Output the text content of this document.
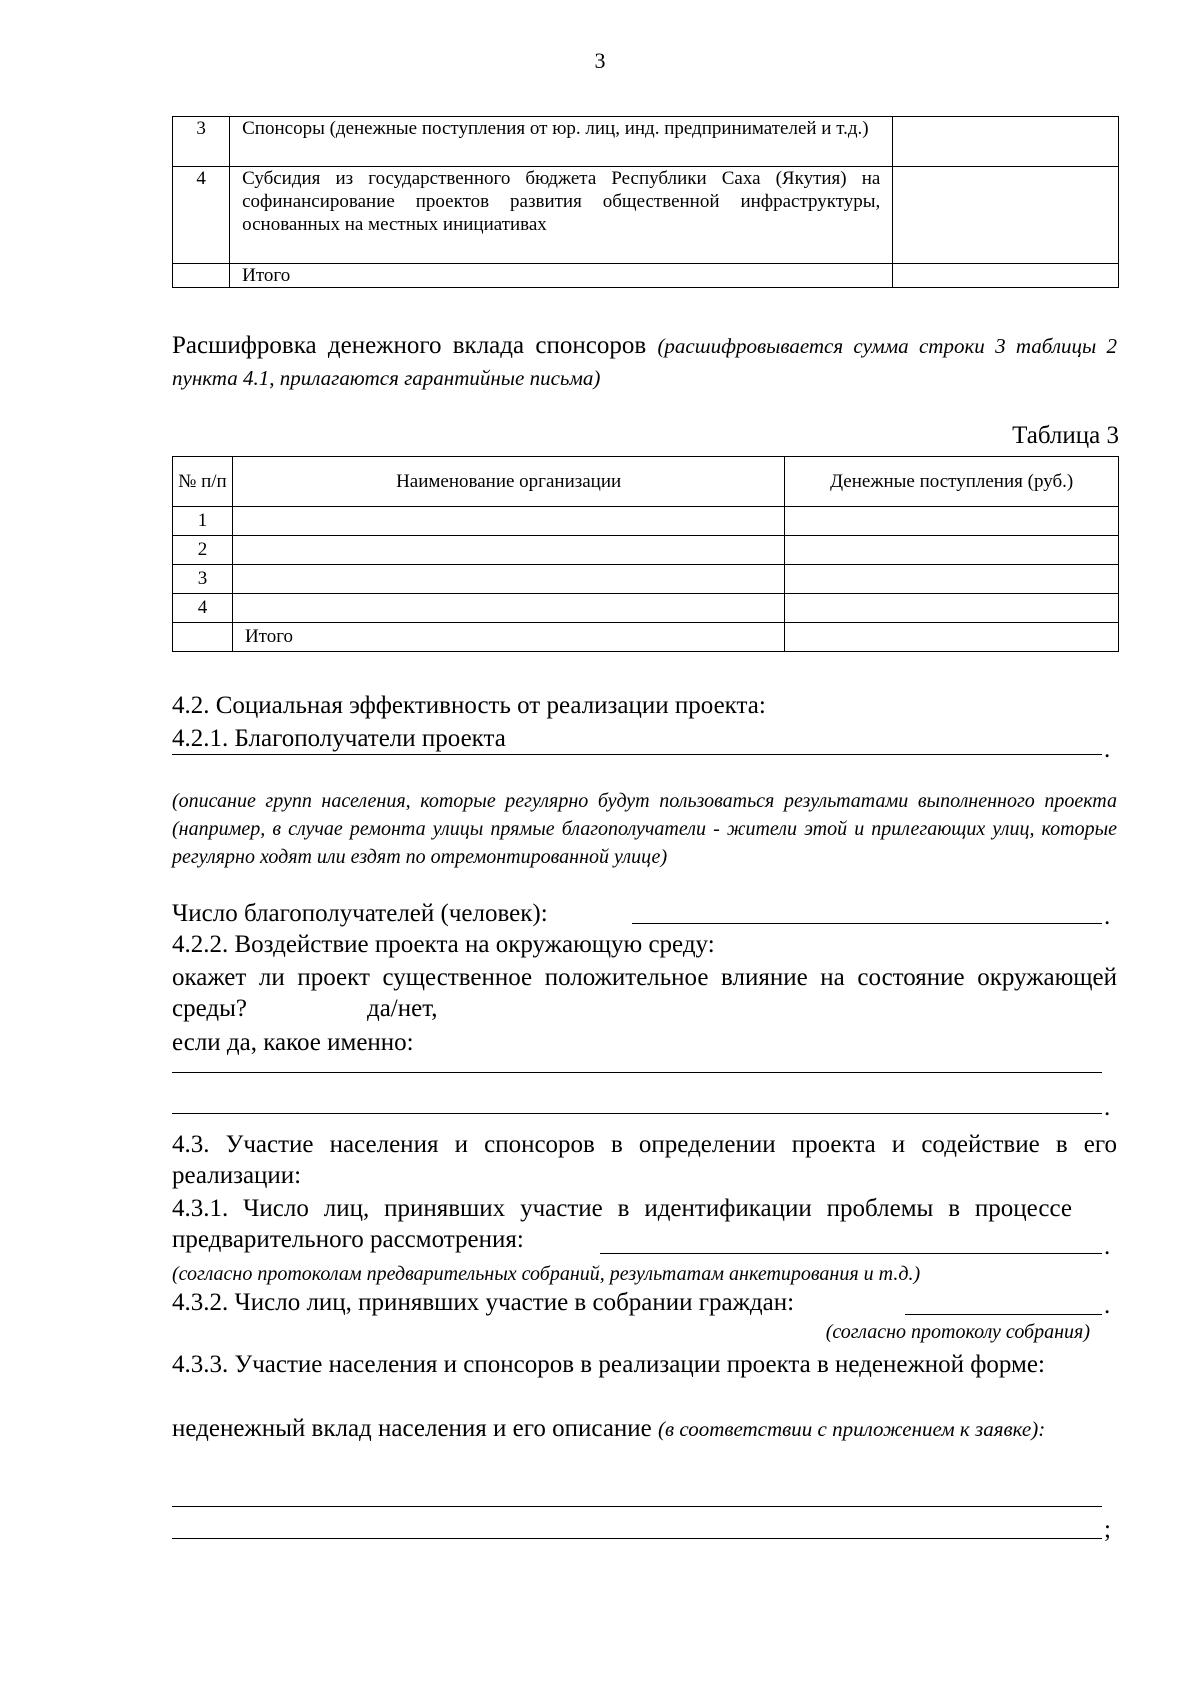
3
3	Спонсоры (денежные поступления от юр. лиц, инд. предпринимателей и т.д.)	
4	Субсидия из государственного бюджета Республики Саха (Якутия) на софинансирование проектов развития общественной инфраструктуры, основанных на местных инициативах	
	Итого	
Расшифровка денежного вклада спонсоров (расшифровывается сумма строки 3 таблицы 2 пункта 4.1, прилагаются гарантийные письма)
Таблица 3
№ п/п	Наименование организации	Денежные поступления (руб.)
1		
2		
3		
4		
	Итого	
4.2. Социальная эффективность от реализации проекта:
4.2.1. Благополучатели проекта	.
(описание групп населения, которые регулярно будут пользоваться результатами выполненного проекта (например, в случае ремонта улицы прямые благополучатели - жители этой и прилегающих улиц, которые регулярно ходят или ездят по отремонтированной улице)
Число благополучателей (человек):	.
4.2.2. Воздействие проекта на окружающую среду:
окажет ли проект существенное положительное влияние на состояние окружающей среды?	да/нет,
если да, какое именно:
.
4.3. Участие населения и спонсоров в определении проекта и содействие в его реализации:
4.3.1. Число лиц, принявших участие в идентификации проблемы в процессе предварительного рассмотрения:	.
(согласно протоколам предварительных собраний, результатам анкетирования и т.д.)
4.3.2. Число лиц, принявших участие в собрании граждан:	.
(согласно протоколу собрания)
4.3.3. Участие населения и спонсоров в реализации проекта в неденежной форме:
неденежный вклад населения и его описание (в соответствии с приложением к заявке):
;
